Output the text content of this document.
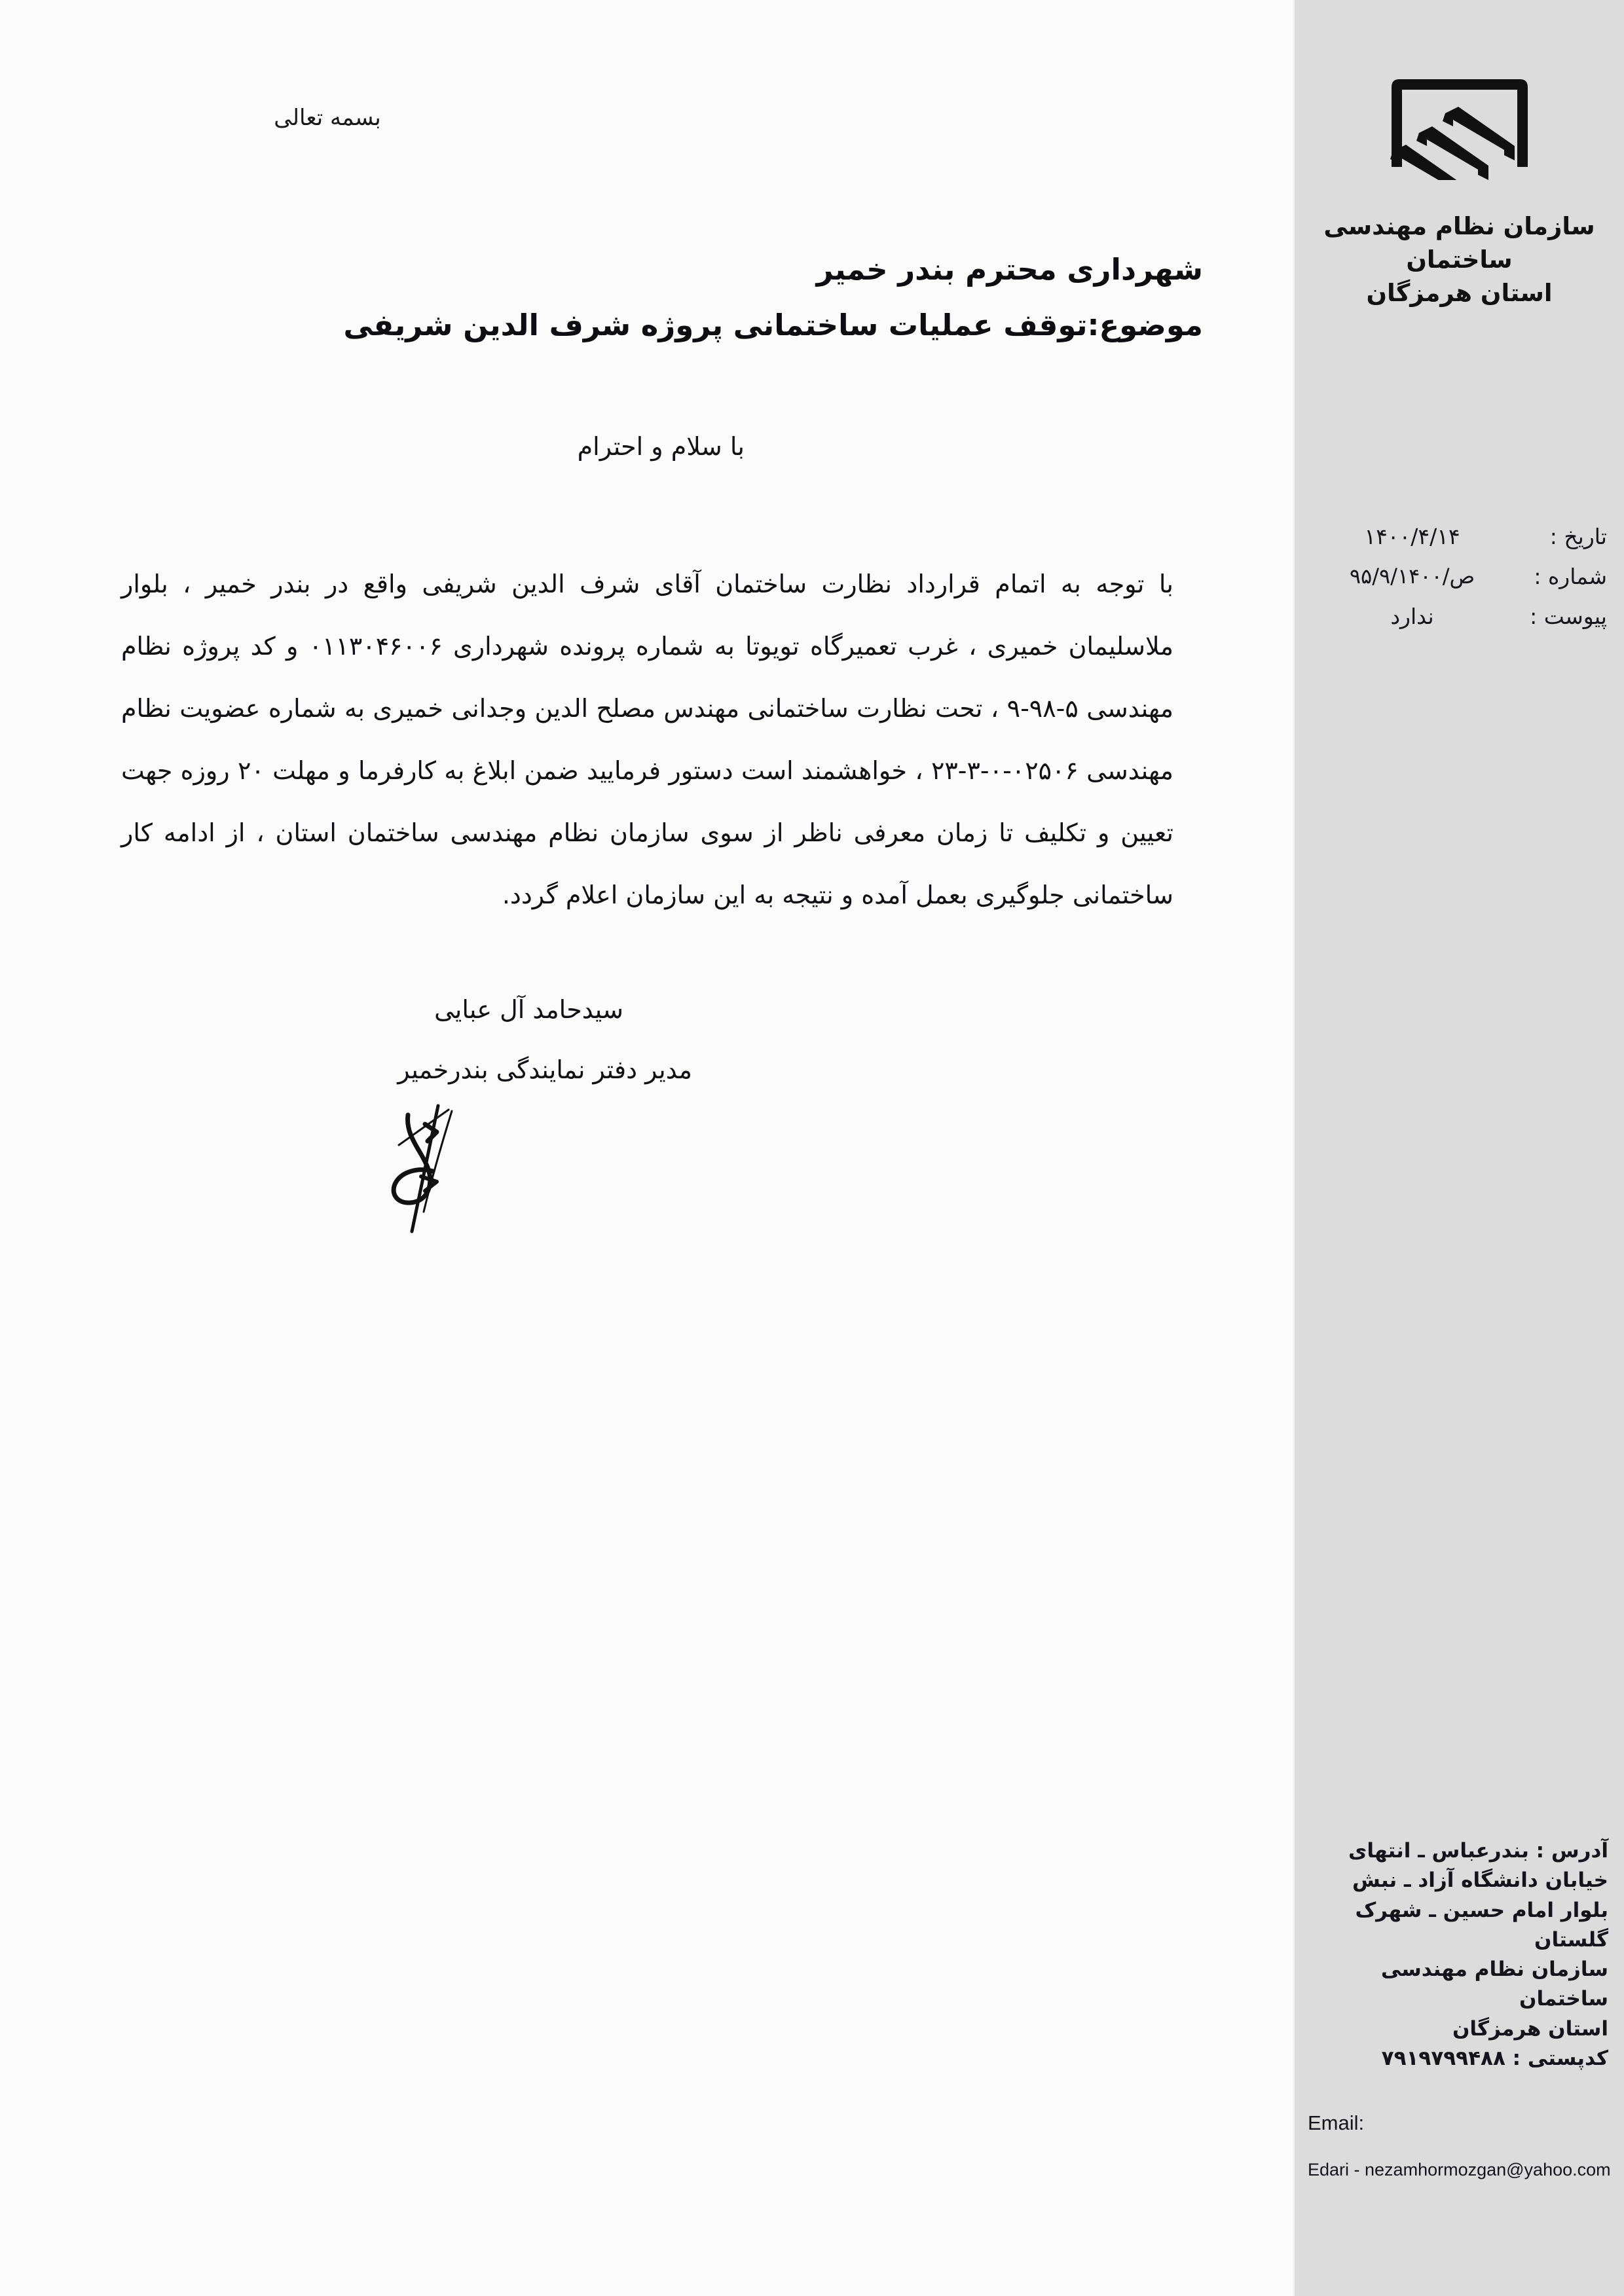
بسمه تعالی
شهرداری محترم بندر خمیر
موضوع:توقف عملیات ساختمانی پروژه شرف الدین شریفی
با سلام و احترام

با توجه به اتمام قرارداد نظارت ساختمان آقای شرف الدین شریفی واقع در بندر خمیر ، بلوار ملاسلیمان خمیری ، غرب تعمیرگاه تویوتا به شماره پرونده شهرداری ۰۱۱۳۰۴۶۰۰۶ و کد پروژه نظام مهندسی ۵-۹۸-۹ ، تحت نظارت ساختمانی مهندس مصلح الدین وجدانی خمیری به شماره عضویت نظام مهندسی ۰۲۵۰۶-۰-۳-۲۳ ، خواهشمند است دستور فرمایید ضمن ابلاغ به کارفرما و مهلت ۲۰ روزه جهت تعیین و تکلیف تا زمان معرفی ناظر از سوی سازمان نظام مهندسی ساختمان استان ، از ادامه کار ساختمانی جلوگیری بعمل آمده و نتیجه به این سازمان اعلام گردد.

سیدحامد آل عبایی
مدیر دفتر نمایندگی بندرخمیر
سازمان نظام مهندسی ساختمان
استان هرمزگان
تاریخ :
۱۴۰۰/۴/۱۴
شماره :
۹۵/۹/۱۴۰۰/ص
پیوست :
ندارد
آدرس : بندرعباس ـ انتهای
خیابان دانشگاه آزاد ـ نبش
بلوار امام حسین ـ شهرک
گلستان
سازمان نظام مهندسی ساختمان
استان هرمزگان
کدپستی : ۷۹۱۹۷۹۹۴۸۸
Email:
Edari - nezamhormozgan@yahoo.com
